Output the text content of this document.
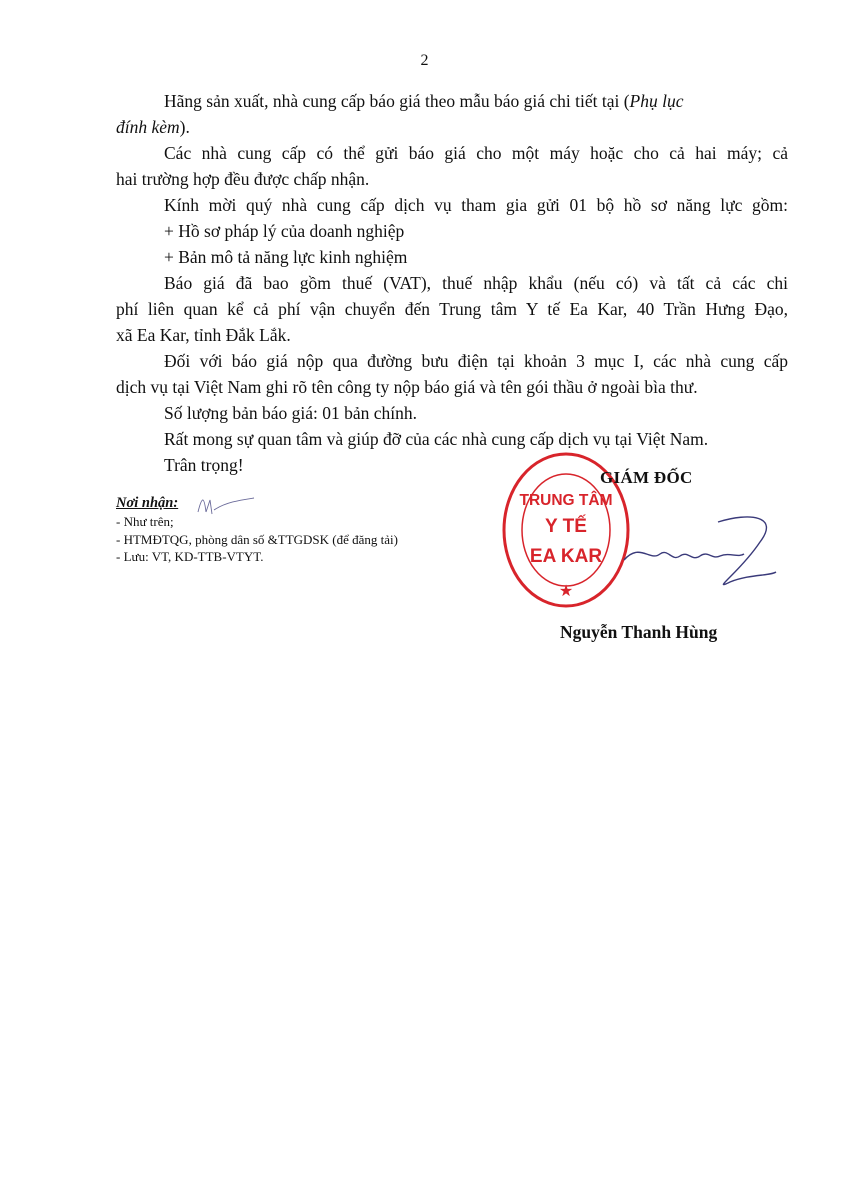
2
Hãng sản xuất, nhà cung cấp báo giá theo mẫu báo giá chi tiết tại (Phụ lục
đính kèm).
Các nhà cung cấp có thể gửi báo giá cho một máy hoặc cho cả hai máy; cả
hai trường hợp đều được chấp nhận.
Kính mời quý nhà cung cấp dịch vụ tham gia gửi 01 bộ hồ sơ năng lực gồm:
+ Hồ sơ pháp lý của doanh nghiệp
+ Bản mô tả năng lực kinh nghiệm
Báo giá đã bao gồm thuế (VAT), thuế nhập khẩu (nếu có) và tất cả các chi
phí liên quan kể cả phí vận chuyển đến Trung tâm Y tế Ea Kar, 40 Trần Hưng Đạo,
xã Ea Kar, tỉnh Đắk Lắk.
Đối với báo giá nộp qua đường bưu điện tại khoản 3 mục I, các nhà cung cấp
dịch vụ tại Việt Nam ghi rõ tên công ty nộp báo giá và tên gói thầu ở ngoài bìa thư.
Số lượng bản báo giá: 01 bản chính.
Rất mong sự quan tâm và giúp đỡ của các nhà cung cấp dịch vụ tại Việt Nam.
Trân trọng!
Nơi nhận:
- Như trên;
- HTMĐTQG, phòng dân số &TTGDSK (để đăng tải)
- Lưu: VT, KD-TTB-VTYT.
★
TRUNG TÂM
Y TẾ
EA KAR
GIÁM ĐỐC
Nguyễn Thanh Hùng
